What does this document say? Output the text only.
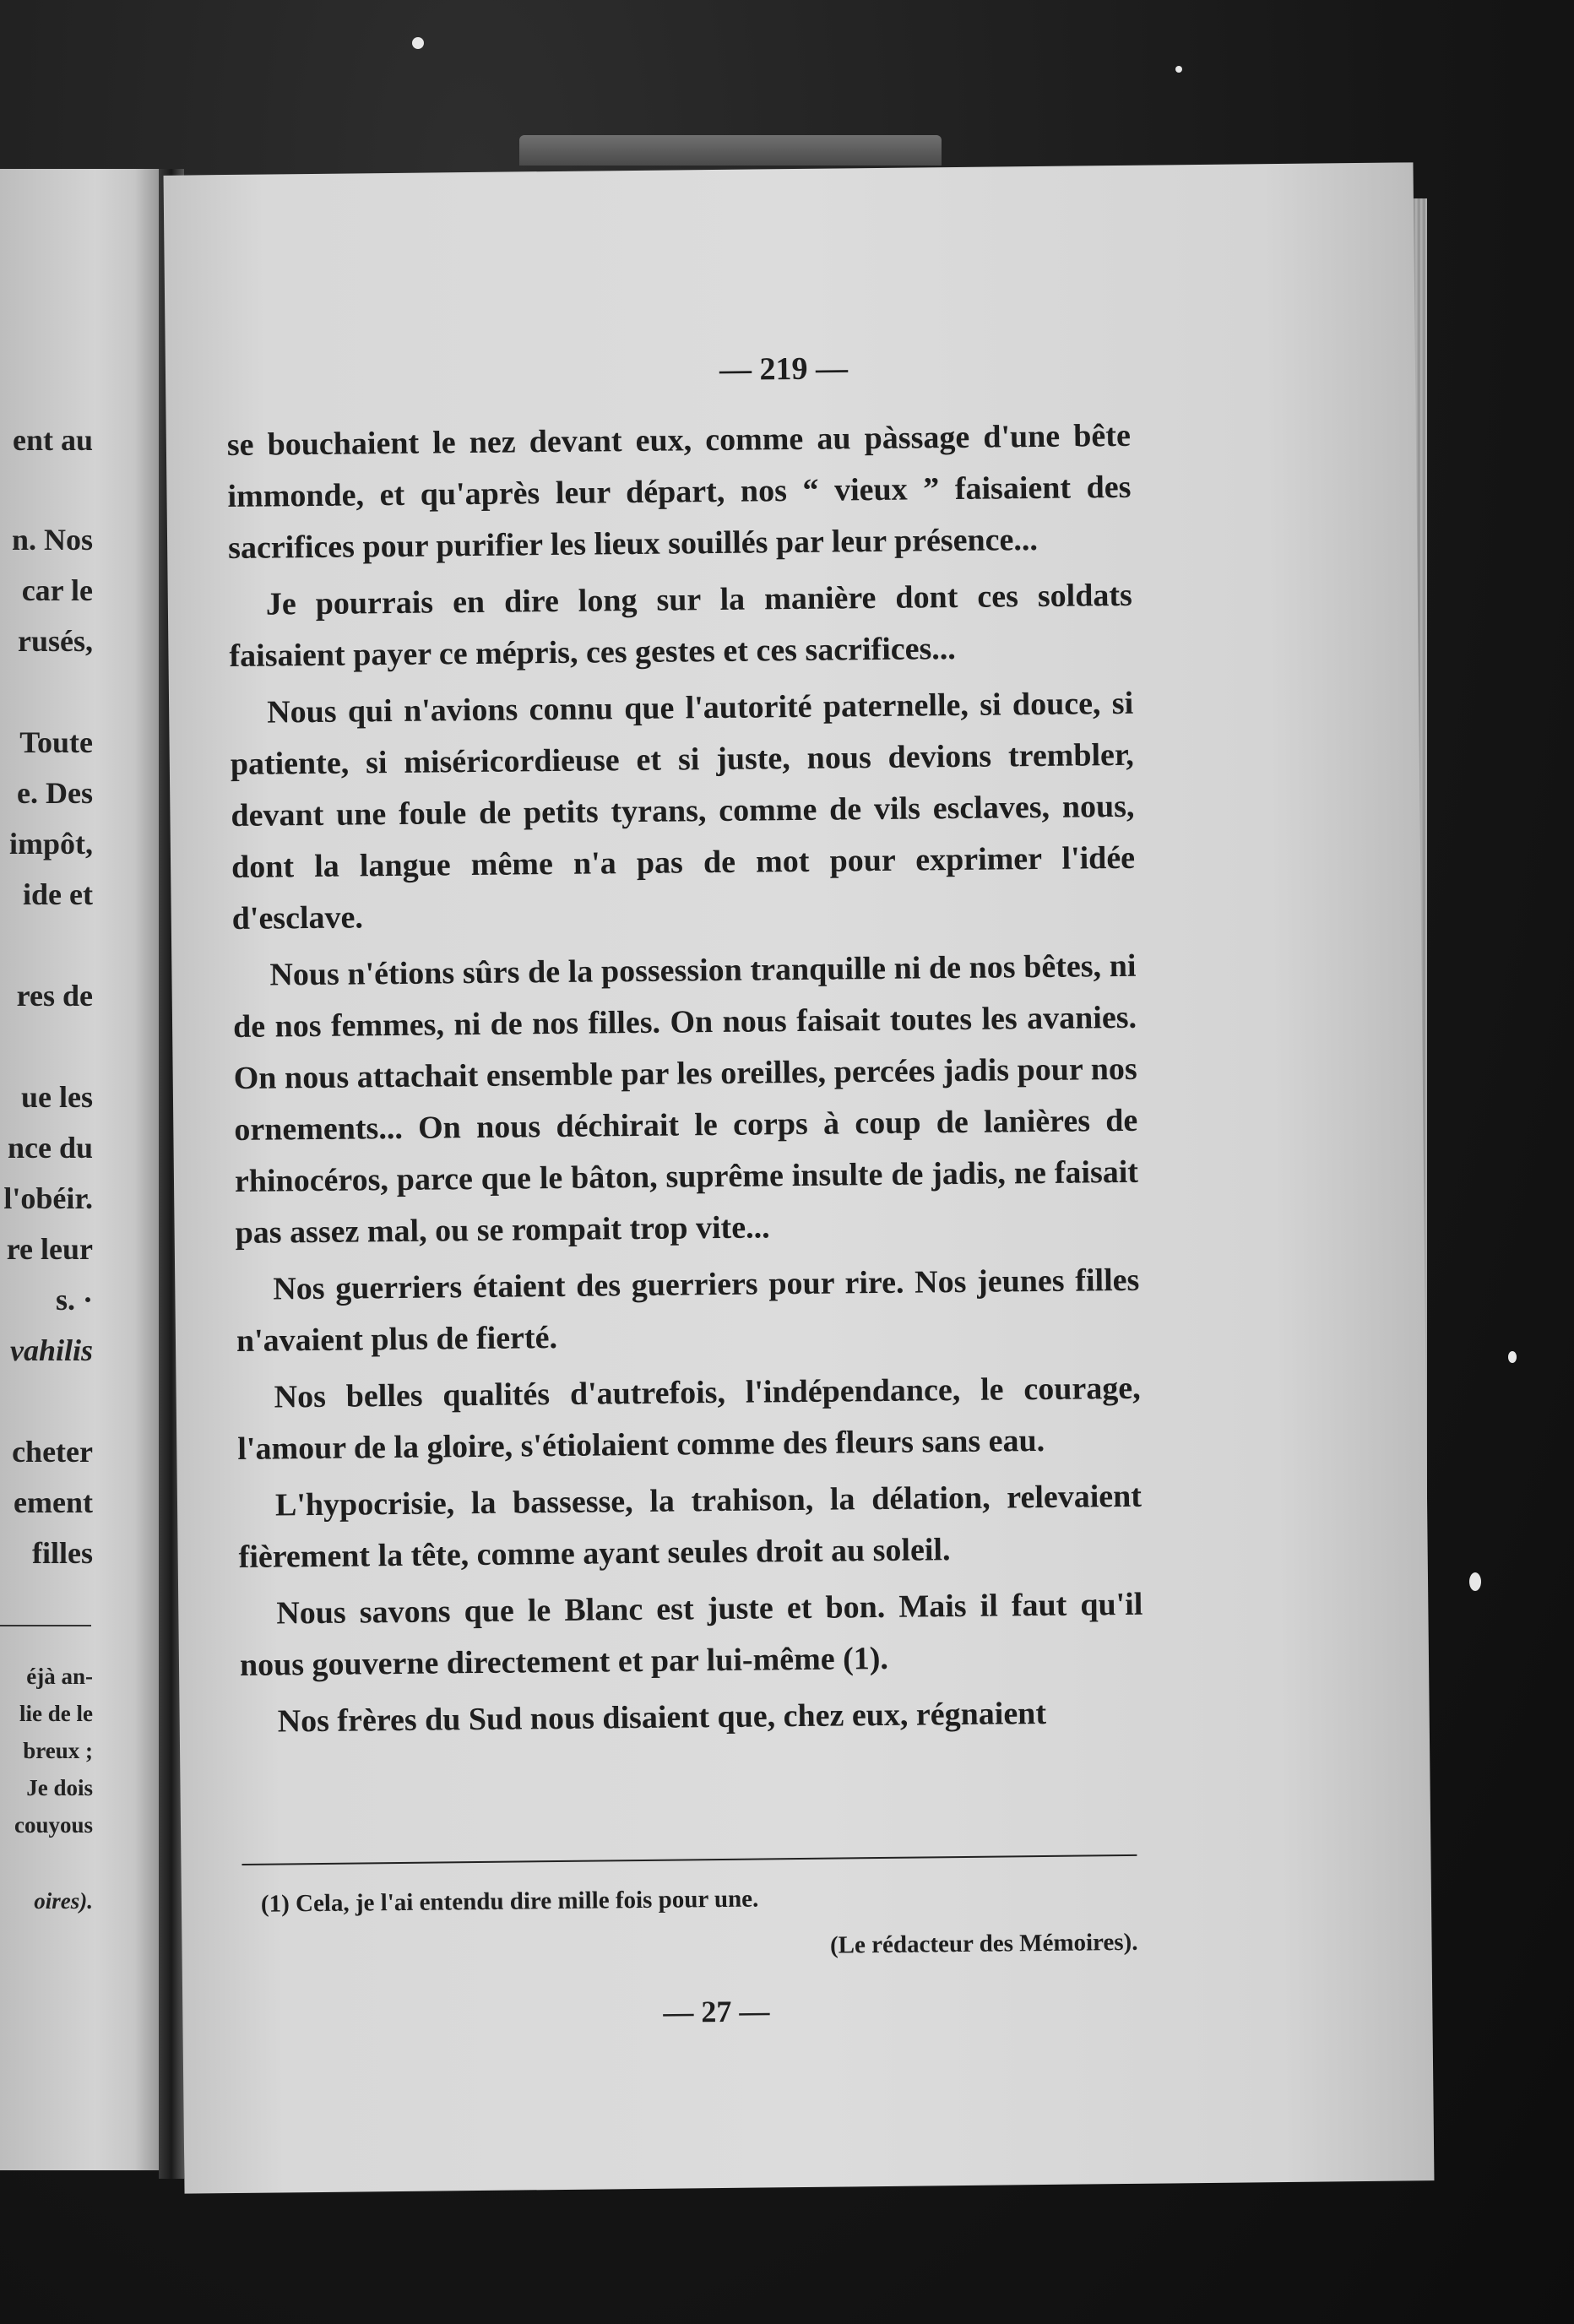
ent au
n. Nos
car le
rusés,
Toute
e. Des
impôt,
ide et
res de
ue les
nce du
l'obéir.
re leur
s. ·
vahilis
cheter
ement
filles
éjà an-
lie de le
breux ;
Je dois
couyous
oires).
— 219 —

se bouchaient le nez devant eux, comme au pàssage d'une bête immonde, et qu'après leur départ, nos “ vieux ” faisaient des sacrifices pour purifier les lieux souillés par leur présence...

Je pourrais en dire long sur la manière dont ces soldats faisaient payer ce mépris, ces gestes et ces sacrifices...

Nous qui n'avions connu que l'autorité paternelle, si douce, si patiente, si miséricordieuse et si juste, nous devions trembler, devant une foule de petits tyrans, comme de vils esclaves, nous, dont la langue même n'a pas de mot pour exprimer l'idée d'esclave.

Nous n'étions sûrs de la possession tranquille ni de nos bêtes, ni de nos femmes, ni de nos filles. On nous faisait toutes les avanies. On nous attachait ensemble par les oreilles, percées jadis pour nos ornements... On nous déchirait le corps à coup de lanières de rhinocéros, parce que le bâton, suprême insulte de jadis, ne faisait pas assez mal, ou se rompait trop vite...

Nos guerriers étaient des guerriers pour rire. Nos jeunes filles n'avaient plus de fierté.

Nos belles qualités d'autrefois, l'indépendance, le courage, l'amour de la gloire, s'étiolaient comme des fleurs sans eau.

L'hypocrisie, la bassesse, la trahison, la délation, relevaient fièrement la tête, comme ayant seules droit au soleil.

Nous savons que le Blanc est juste et bon. Mais il faut qu'il nous gouverne directement et par lui-même (1).

Nos frères du Sud nous disaient que, chez eux, régnaient

(1) Cela, je l'ai entendu dire mille fois pour une.
(Le rédacteur des Mémoires).
— 27 —
